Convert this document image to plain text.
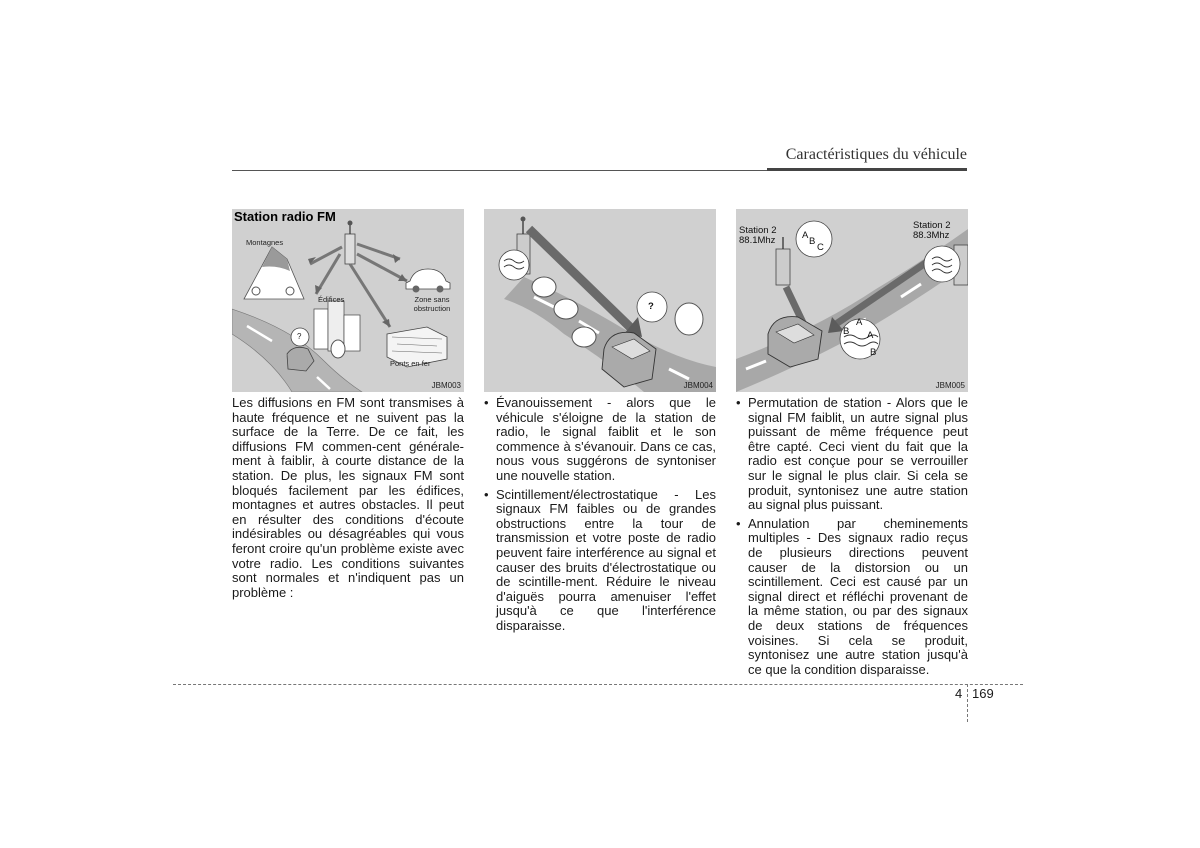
Caractéristiques du véhicule
Station radio FM
Montagnes
Édifices	Zone sans obstruction
Ponts en fer
?
JBM003
?
JBM004
Station 2
88.1Mhz
Station 2
88.3Mhz
A
B
C
A
B A
B
JBM005
Les diffusions en FM sont transmises à haute fréquence et ne suivent pas la surface de la Terre. De ce fait, les diffusions FM commen-cent générale-ment à faiblir, à courte distance de la station. De plus, les signaux FM sont bloqués facilement par les édifices, montagnes et autres obstacles. Il peut en résulter des conditions d'écoute indésirables ou désagréables qui vous feront croire qu'un problème existe avec votre radio. Les conditions suivantes sont normales et n'indiquent pas un problème :
• Évanouissement - alors que le véhicule s'éloigne de la station de radio, le signal faiblit et le son commence à s'évanouir. Dans ce cas, nous vous suggérons de syntoniser une nouvelle station.
• Scintillement/électrostatique - Les signaux FM faibles ou de grandes obstructions entre la tour de transmission et votre poste de radio peuvent faire interférence au signal et causer des bruits d'électrostatique ou de scintille-ment. Réduire le niveau d'aiguës pourra amenuiser l'effet jusqu'à ce que l'interférence disparaisse.
• Permutation de station - Alors que le signal FM faiblit, un autre signal plus puissant de même fréquence peut être capté. Ceci vient du fait que la radio est conçue pour se verrouiller sur le signal le plus clair. Si cela se produit, syntonisez une autre station au signal plus puissant.
• Annulation par cheminements multiples - Des signaux radio reçus de plusieurs directions peuvent causer de la distorsion ou un scintillement. Ceci est causé par un signal direct et réfléchi provenant de la même station, ou par des signaux de deux stations de fréquences voisines. Si cela se produit, syntonisez une autre station jusqu'à ce que la condition disparaisse.
4 169
